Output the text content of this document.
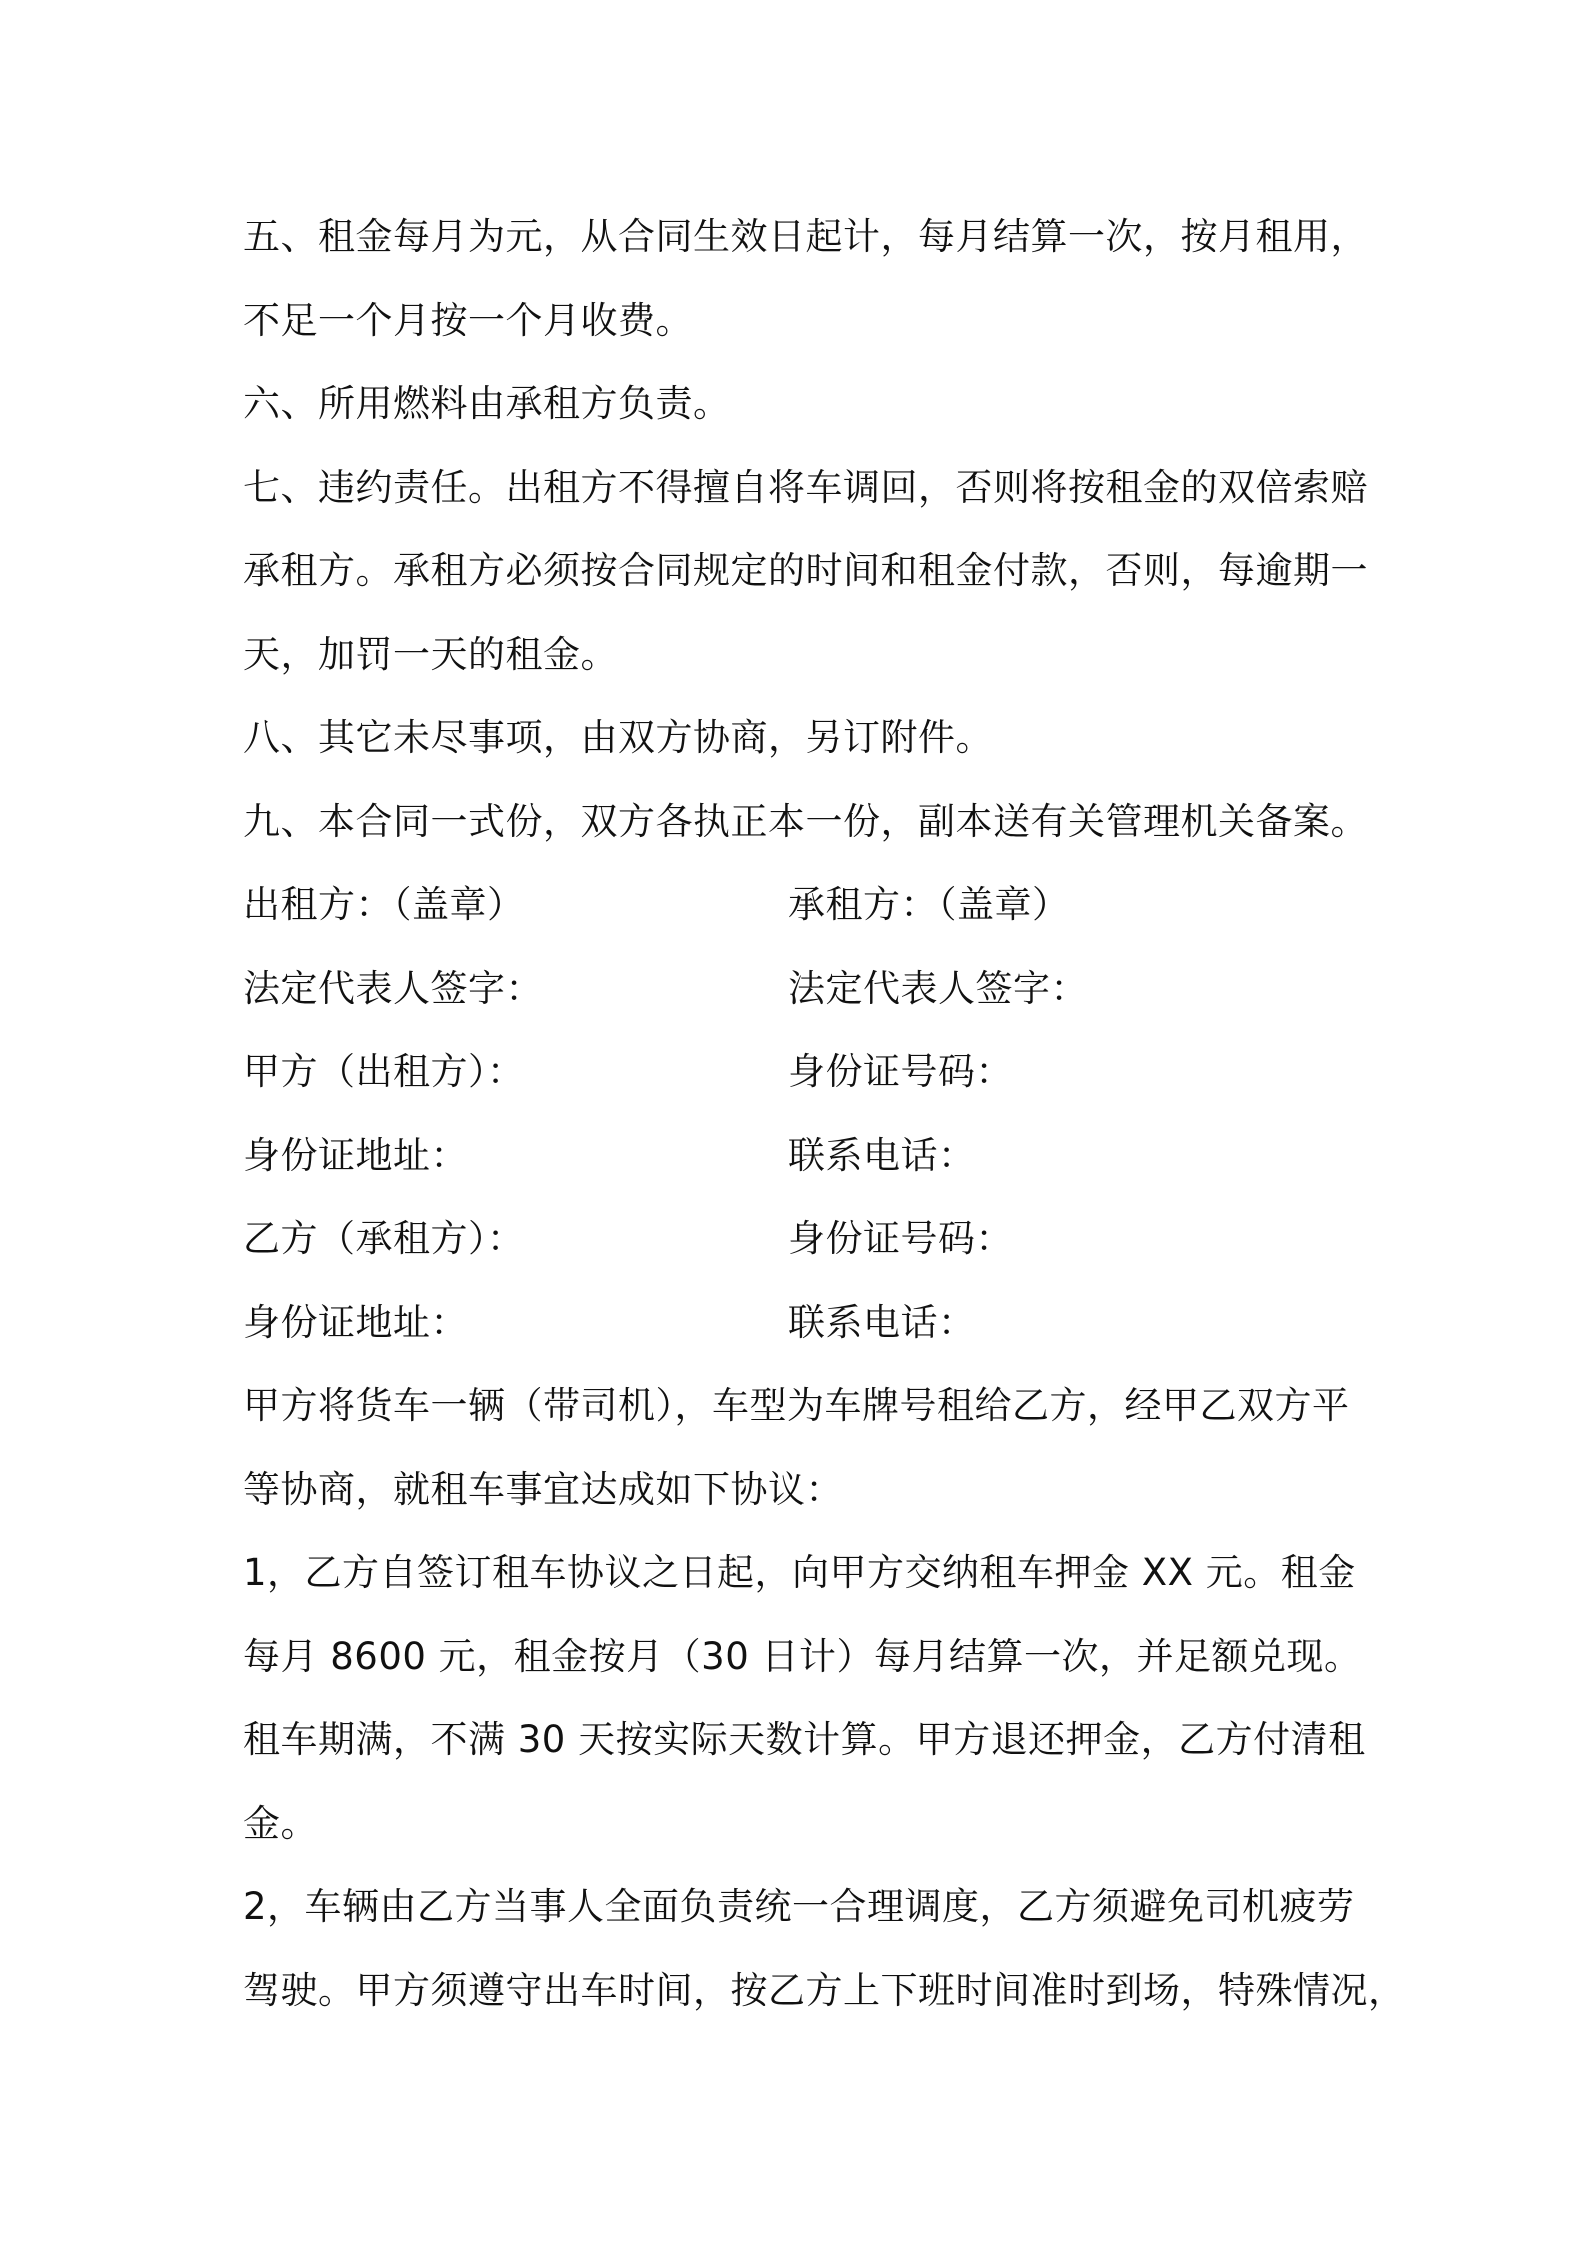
五、租金每月为元，从合同生效日起计，每月结算一次，按月租用，
不足一个月按一个月收费。
六、所用燃料由承租方负责。
七、违约责任。出租方不得擅自将车调回，否则将按租金的双倍索赔
承租方。承租方必须按合同规定的时间和租金付款，否则，每逾期一
天，加罚一天的租金。
八、其它未尽事项，由双方协商，另订附件。
九、本合同一式份，双方各执正本一份，副本送有关管理机关备案。
出租方：（盖章）	承租方：（盖章）
法定代表人签字：	法定代表人签字：
甲方（出租方）：	身份证号码：
身份证地址：	联系电话：
乙方（承租方）：	身份证号码：
身份证地址：	联系电话：
甲方将货车一辆（带司机），车型为车牌号租给乙方，经甲乙双方平
等协商，就租车事宜达成如下协议：
1，乙方自签订租车协议之日起，向甲方交纳租车押金 XX 元。租金
每月 8600 元，租金按月（30 日计）每月结算一次，并足额兑现。
租车期满，不满 30 天按实际天数计算。甲方退还押金，乙方付清租
金。
2，车辆由乙方当事人全面负责统一合理调度，乙方须避免司机疲劳
驾驶。甲方须遵守出车时间，按乙方上下班时间准时到场，特殊情况，
